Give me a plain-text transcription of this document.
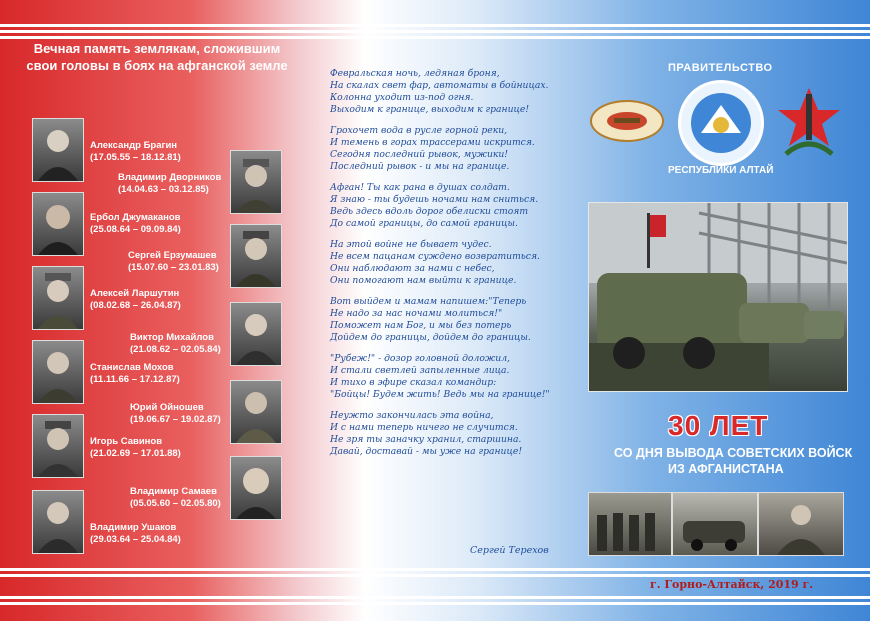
Вечная память землякам, сложившим свои головы в боях на афганской земле
Александр Брагин
(17.05.55 – 18.12.81)
Владимир Дворников
(14.04.63 – 03.12.85)
Ербол Джумаканов
(25.08.64 – 09.09.84)
Сергей Ерзумашев
(15.07.60 – 23.01.83)
Алексей Ларшутин
(08.02.68 – 26.04.87)
Виктор Михайлов
(21.08.62 – 02.05.84)
Станислав Мохов
(11.11.66 – 17.12.87)
Юрий Ойношев
(19.06.67 – 19.02.87)
Игорь Савинов
(21.02.69 – 17.01.88)
Владимир Самаев
(05.05.60 – 02.05.80)
Владимир Ушаков
(29.03.64 – 25.04.84)
Февральская ночь, ледяная броня,
На скалах свет фар, автоматы в бойницах.
Колонна уходит из-под огня.
Выходим к границе, выходим к границе!
Грохочет вода в русле горной реки,
И темень в горах трассерами искрится.
Сегодня последний рывок, мужики!
Последний рывок - и мы на границе.
Афган! Ты как рана в душах солдат.
Я знаю - ты будешь ночами нам сниться.
Ведь здесь вдоль дорог обелиски стоят
До самой границы, до самой границы.
На этой войне не бывает чудес.
Не всем пацанам суждено возвратиться.
Они наблюдают за нами с небес,
Они помогают нам выйти к границе.
Вот выйдем и мамам напишем:"Теперь
Не надо за нас ночами молиться!"
Поможет нам Бог, и мы без потерь
Дойдем до границы, дойдем до границы.
"Рубеж!" - дозор головной доложил,
И стали светлей запыленные лица.
И тихо в эфире сказал командир:
"Бойцы! Будем жить! Ведь мы на границе!"
Неужто закончилась эта война,
И с нами теперь ничего не случится.
Не зря ты заначку хранил, старшина.
Давай, доставай - мы уже на границе!
Сергей Терехов
ПРАВИТЕЛЬСТВО
РЕСПУБЛИКИ АЛТАЙ
30 ЛЕТ
СО ДНЯ ВЫВОДА СОВЕТСКИХ ВОЙСК
ИЗ АФГАНИСТАНА
г. Горно-Алтайск, 2019 г.
